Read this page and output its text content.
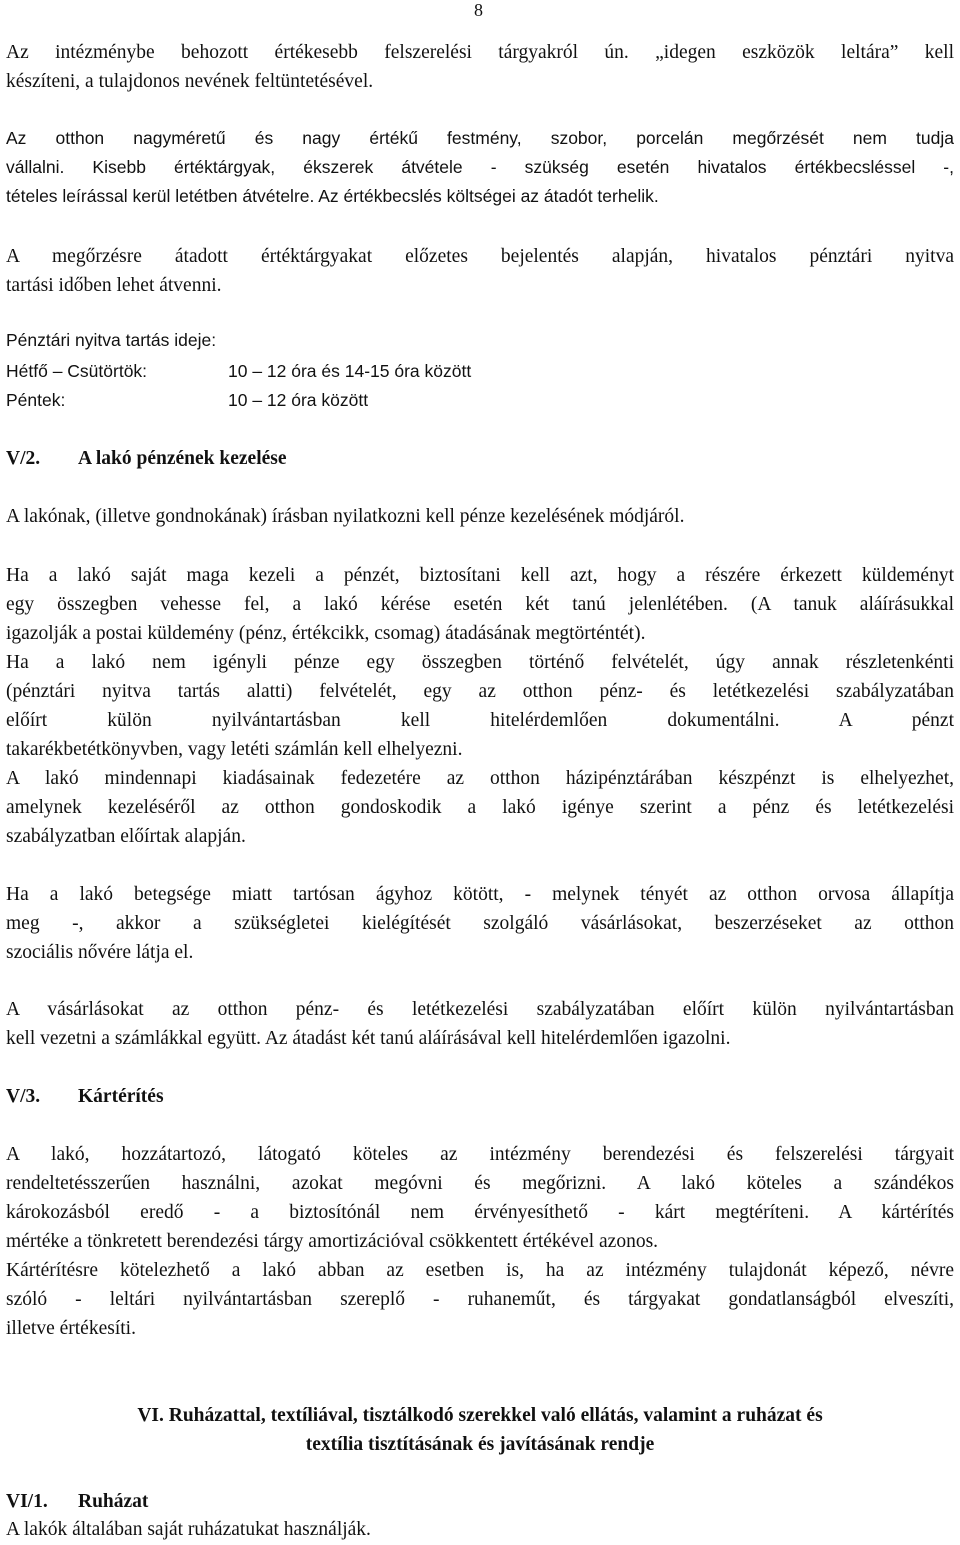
8
Az intézménybe behozott értékesebb felszerelési tárgyakról ún. „idegen eszközök leltára” kell
készíteni, a tulajdonos nevének feltüntetésével.
Az otthon nagyméretű és nagy értékű festmény, szobor, porcelán megőrzését nem tudja
vállalni. Kisebb értéktárgyak, ékszerek átvétele - szükség esetén hivatalos értékbecsléssel -,
tételes leírással kerül letétben átvételre. Az értékbecslés költségei az átadót terhelik.
A megőrzésre átadott értéktárgyakat előzetes bejelentés alapján, hivatalos pénztári nyitva
tartási időben lehet átvenni.
Pénztári nyitva tartás ideje:
Hétfő – Csütörtök:	10 – 12 óra és 14-15 óra között
Péntek:	10 – 12 óra között
V/2. A lakó pénzének kezelése
A lakónak, (illetve gondnokának) írásban nyilatkozni kell pénze kezelésének módjáról.
Ha a lakó saját maga kezeli a pénzét, biztosítani kell azt, hogy a részére érkezett küldeményt
egy összegben vehesse fel, a lakó kérése esetén két tanú jelenlétében. (A tanuk aláírásukkal
igazolják a postai küldemény (pénz, értékcikk, csomag) átadásának megtörténtét).
Ha a lakó nem igényli pénze egy összegben történő felvételét, úgy annak részletenkénti
(pénztári nyitva tartás alatti) felvételét, egy az otthon pénz- és letétkezelési szabályzatában
előírt külön nyilvántartásban kell hitelérdemlően dokumentálni. A pénzt
takarékbetétkönyvben, vagy letéti számlán kell elhelyezni.
A lakó mindennapi kiadásainak fedezetére az otthon házipénztárában készpénzt is elhelyezhet,
amelynek kezeléséről az otthon gondoskodik a lakó igénye szerint a pénz és letétkezelési
szabályzatban előírtak alapján.
Ha a lakó betegsége miatt tartósan ágyhoz kötött, - melynek tényét az otthon orvosa állapítja
meg -, akkor a szükségletei kielégítését szolgáló vásárlásokat, beszerzéseket az otthon
szociális nővére látja el.
A vásárlásokat az otthon pénz- és letétkezelési szabályzatában előírt külön nyilvántartásban
kell vezetni a számlákkal együtt. Az átadást két tanú aláírásával kell hitelérdemlően igazolni.
V/3. Kártérítés
A lakó, hozzátartozó, látogató köteles az intézmény berendezési és felszerelési tárgyait
rendeltetésszerűen használni, azokat megóvni és megőrizni. A lakó köteles a szándékos
károkozásból eredő - a biztosítónál nem érvényesíthető - kárt megtéríteni. A kártérítés
mértéke a tönkretett berendezési tárgy amortizációval csökkentett értékével azonos.
Kártérítésre kötelezhető a lakó abban az esetben is, ha az intézmény tulajdonát képező, névre
szóló - leltári nyilvántartásban szereplő - ruhaneműt, és tárgyakat gondatlanságból elveszíti,
illetve értékesíti.
VI. Ruházattal, textíliával, tisztálkodó szerekkel való ellátás, valamint a ruházat és
textília tisztításának és javításának rendje
VI/1. Ruházat
A lakók általában saját ruházatukat használják.
